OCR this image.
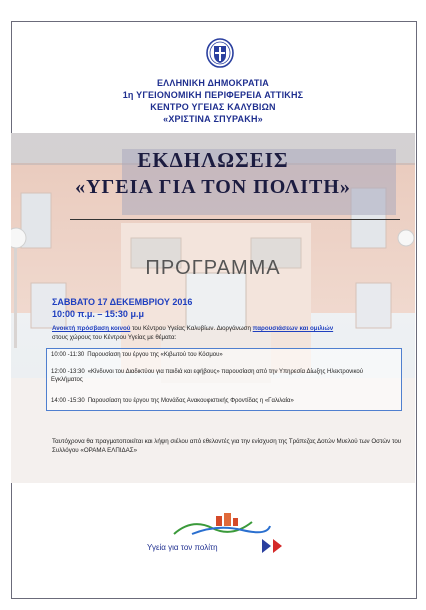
ΕΛΛΗΝΙΚΗ ΔΗΜΟΚΡΑΤΙΑ
1η ΥΓΕΙΟΝΟΜΙΚΗ ΠΕΡΙΦΕΡΕΙΑ ΑΤΤΙΚΗΣ
ΚΕΝΤΡΟ ΥΓΕΙΑΣ ΚΑΛΥΒΙΩΝ
«ΧΡΙΣΤΙΝΑ ΣΠΥΡΑΚΗ»
ΕΚΔΗΛΩΣΕΙΣ
«ΥΓΕΙΑ ΓΙΑ ΤΟΝ ΠΟΛΙΤΗ»
ΠΡΟΓΡΑΜΜΑ
ΣΑΒΒΑΤΟ 17 ΔΕΚΕΜΒΡΙΟΥ 2016
10:00 π.μ. – 15:30 μ.μ
Ανοικτή πρόσβαση κοινού του Κέντρου Υγείας Καλυβίων. Διοργάνωση παρουσιάσεων και ομιλιών
στους χώρους του Κέντρου Υγείας με θέματα:
10:00 -11:30 Παρουσίαση του έργου της «Κιβωτού του Κόσμου»
12:00 -13:30 «Κίνδυνοι του Διαδικτύου για παιδιά και εφήβους» παρουσίαση από την Υπηρεσία Δίωξης Ηλεκτρονικού Εγκλήματος
14:00 -15:30 Παρουσίαση του έργου της Μονάδας Ανακουφιστικής Φροντίδας η «Γαλιλαία»
Ταυτόχρονα θα πραγματοποιείται και λήψη σιέλου από εθελοντές για την ενίσχυση της Τράπεζας Δοτών Μυελού των Οστών του Συλλόγου «ΟΡΑΜΑ ΕΛΠΙΔΑΣ»
Υγεία για τον πολίτη
